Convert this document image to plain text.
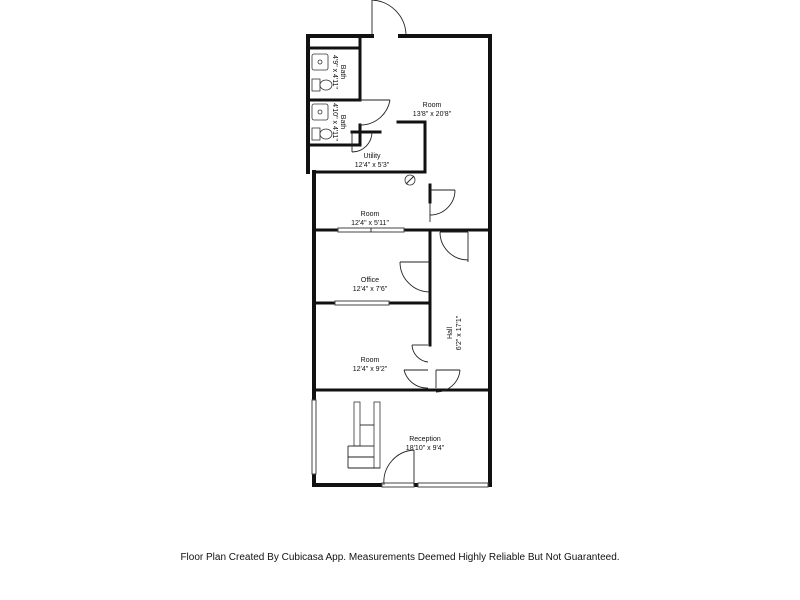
Bath
4'9" x 4'11"
Bath
4'10" x 4'11"	Room
13'8" x 20'8"
Utility
12'4" x 5'3"
Room
12'4" x 5'11"
Office
12'4" x 7'6"
Hall 6'2" x 17'1"
Room
12'4" x 9'2"
Reception
18'10" x 9'4"
Floor Plan Created By Cubicasa App. Measurements Deemed Highly Reliable But Not Guaranteed.
